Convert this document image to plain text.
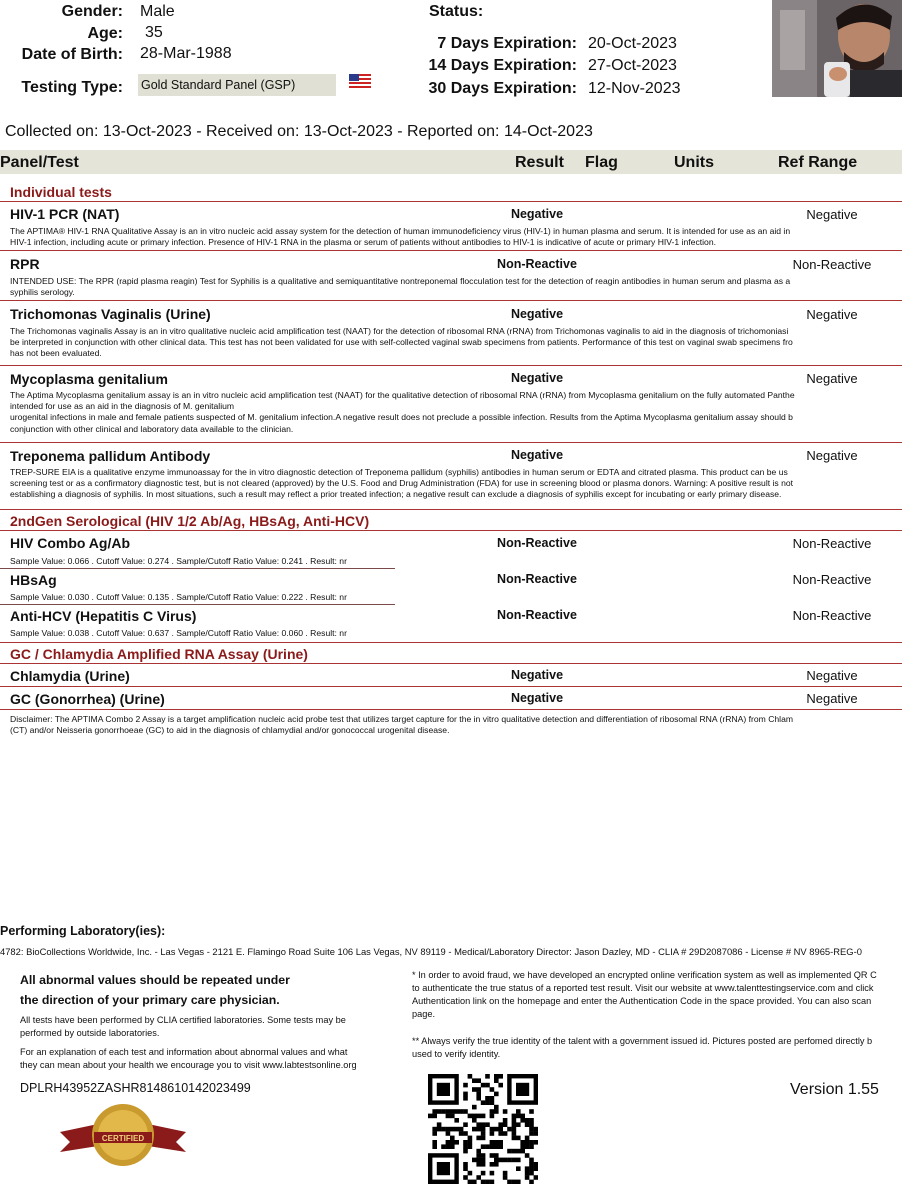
Gender: Male
Age: 35
Date of Birth: 28-Mar-1988
Testing Type: Gold Standard Panel (GSP)
Status:
7 Days Expiration: 20-Oct-2023
14 Days Expiration: 27-Oct-2023
30 Days Expiration: 12-Nov-2023
Collected on: 13-Oct-2023 - Received on: 13-Oct-2023 - Reported on: 14-Oct-2023
Panel/Test	Result Flag	Units	Ref Range
Individual tests
HIV-1 PCR (NAT)	Negative	Negative
The APTIMA® HIV-1 RNA Qualitative Assay is an in vitro nucleic acid assay system for the detection of human immunodeficiency virus (HIV-1) in human plasma and serum. It is intended for use as an aid in
HIV-1 infection, including acute or primary infection. Presence of HIV-1 RNA in the plasma or serum of patients without antibodies to HIV-1 is indicative of acute or primary HIV-1 infection.
RPR	Non-Reactive	Non-Reactive
INTENDED USE: The RPR (rapid plasma reagin) Test for Syphilis is a qualitative and semiquantitative nontreponemal flocculation test for the detection of reagin antibodies in human serum and plasma as a
syphilis serology.
Trichomonas Vaginalis (Urine)	Negative	Negative
The Trichomonas vaginalis Assay is an in vitro qualitative nucleic acid amplification test (NAAT) for the detection of ribosomal RNA (rRNA) from Trichomonas vaginalis to aid in the diagnosis of trichomoniasi
be interpreted in conjunction with other clinical data. This test has not been validated for use with self-collected vaginal swab specimens from patients. Performance of this test on vaginal swab specimens fro
has not been evaluated.
Mycoplasma genitalium	Negative	Negative
The Aptima Mycoplasma genitalium assay is an in vitro nucleic acid amplification test (NAAT) for the qualitative detection of ribosomal RNA (rRNA) from Mycoplasma genitalium on the fully automated Panthe
intended for use as an aid in the diagnosis of M. genitalium
urogenital infections in male and female patients suspected of M. genitalium infection.A negative result does not preclude a possible infection. Results from the Aptima Mycoplasma genitalium assay should b
conjunction with other clinical and laboratory data available to the clinician.
Treponema pallidum Antibody	Negative	Negative
TREP-SURE EIA is a qualitative enzyme immunoassay for the in vitro diagnostic detection of Treponema pallidum (syphilis) antibodies in human serum or EDTA and citrated plasma. This product can be us
screening test or as a confirmatory diagnostic test, but is not cleared (approved) by the U.S. Food and Drug Administration (FDA) for use in screening blood or plasma donors. Warning: A positive result is not
establishing a diagnosis of syphilis. In most situations, such a result may reflect a prior treated infection; a negative result can exclude a diagnosis of syphilis except for incubating or early primary disease.
2ndGen Serological (HIV 1/2 Ab/Ag, HBsAg, Anti-HCV)
HIV Combo Ag/Ab	Non-Reactive	Non-Reactive
Sample Value: 0.066 . Cutoff Value: 0.274 . Sample/Cutoff Ratio Value: 0.241 . Result: nr
HBsAg	Non-Reactive	Non-Reactive
Sample Value: 0.030 . Cutoff Value: 0.135 . Sample/Cutoff Ratio Value: 0.222 . Result: nr
Anti-HCV (Hepatitis C Virus)	Non-Reactive	Non-Reactive
Sample Value: 0.038 . Cutoff Value: 0.637 . Sample/Cutoff Ratio Value: 0.060 . Result: nr
GC / Chlamydia Amplified RNA Assay (Urine)
Chlamydia (Urine)	Negative	Negative
GC (Gonorrhea) (Urine)	Negative	Negative
Disclaimer: The APTIMA Combo 2 Assay is a target amplification nucleic acid probe test that utilizes target capture for the in vitro qualitative detection and differentiation of ribosomal RNA (rRNA) from Chlam
(CT) and/or Neisseria gonorrhoeae (GC) to aid in the diagnosis of chlamydial and/or gonococcal urogenital disease.
Performing Laboratory(ies):
4782: BioCollections Worldwide, Inc. - Las Vegas - 2121 E. Flamingo Road Suite 106 Las Vegas, NV 89119 - Medical/Laboratory Director: Jason Dazley, MD - CLIA # 29D2087086 - License # NV 8965-REG-0
All abnormal values should be repeated under
the direction of your primary care physician.
All tests have been performed by CLIA certified laboratories. Some tests may be
performed by outside laboratories.
For an explanation of each test and information about abnormal values and what
they can mean about your health we encourage you to visit www.labtestsonline.org
DPLRH43952ZASHR8148610142023499
CERTIFIED
* In order to avoid fraud, we have developed an encrypted online verification system as well as implemented QR C
to authenticate the true status of a reported test result. Visit our website at www.talenttestingservice.com and click
Authentication link on the homepage and enter the Authentication Code in the space provided. You can also scan
page.
** Always verify the true identity of the talent with a government issued id. Pictures posted are perfomed directly b
used to verify identity.
Version 1.55
